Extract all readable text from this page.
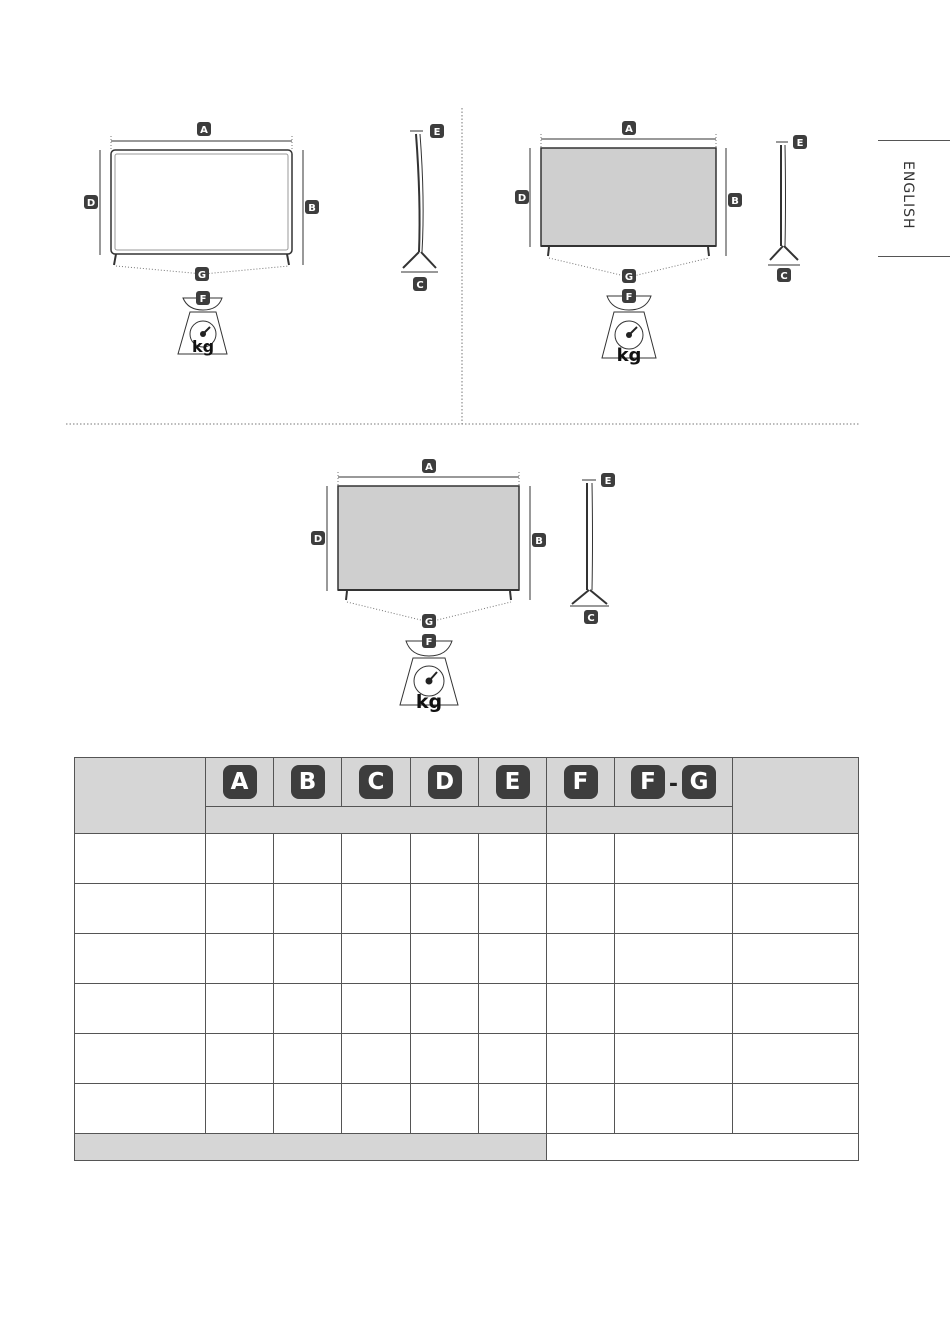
ENGLISH
A
D	B
G
kg
F
E
C
A
D	B
G
kg
F
E
C
A
D	B
G
kg
F
E
C
	A	B	C	D	E	F	F - G	
